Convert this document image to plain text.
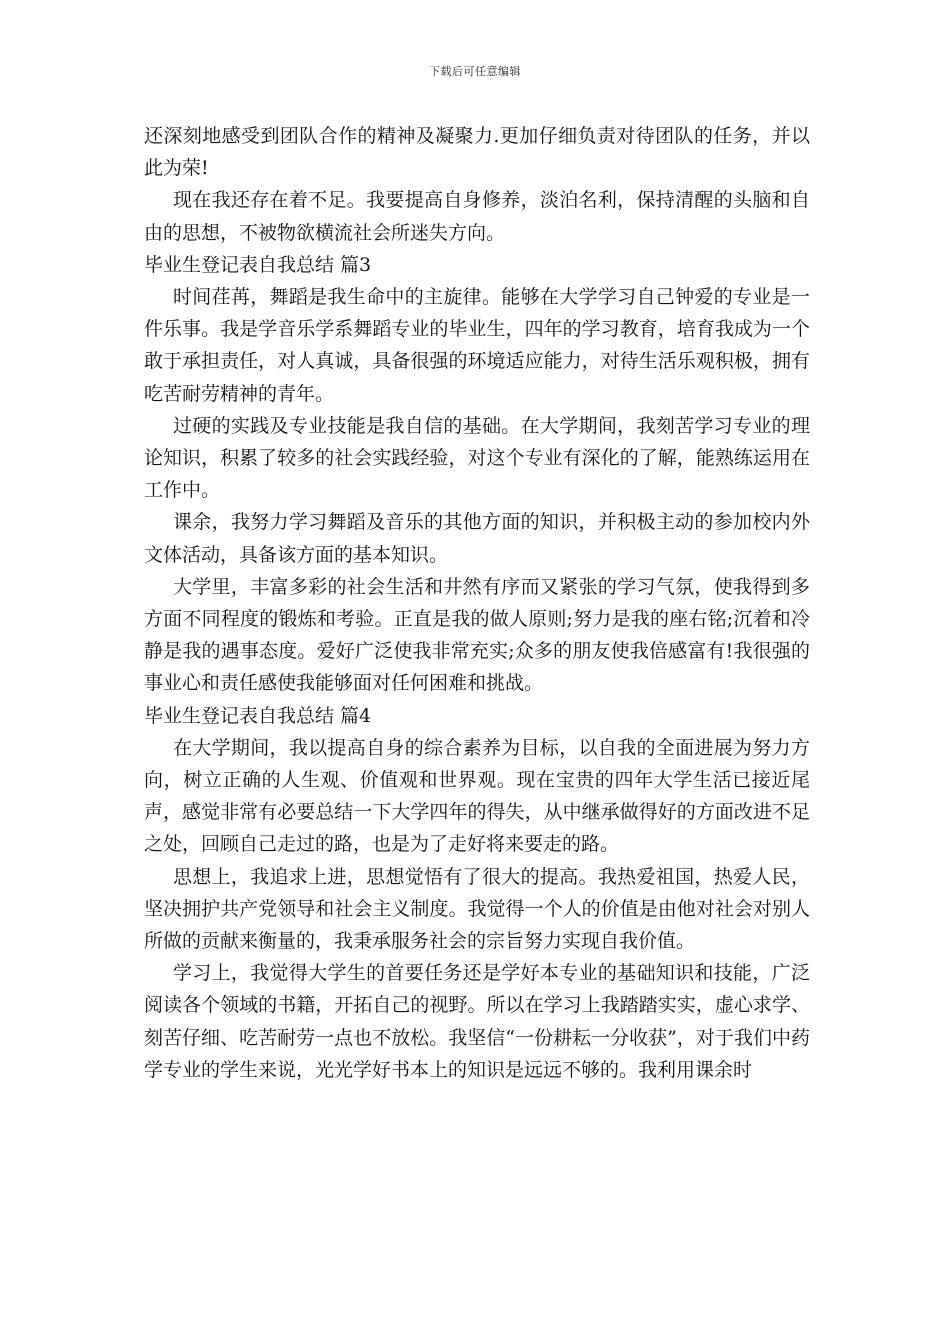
下载后可任意编辑

还深刻地感受到团队合作的精神及凝聚力.更加仔细负责对待团队的任务，并以此为荣!

现在我还存在着不足。我要提高自身修养，淡泊名利，保持清醒的头脑和自由的思想，不被物欲横流社会所迷失方向。

毕业生登记表自我总结 篇3

时间荏苒，舞蹈是我生命中的主旋律。能够在大学学习自己钟爱的专业是一件乐事。我是学音乐学系舞蹈专业的毕业生，四年的学习教育，培育我成为一个敢于承担责任，对人真诚，具备很强的环境适应能力，对待生活乐观积极，拥有吃苦耐劳精神的青年。

过硬的实践及专业技能是我自信的基础。在大学期间，我刻苦学习专业的理论知识，积累了较多的社会实践经验，对这个专业有深化的了解，能熟练运用在工作中。

课余，我努力学习舞蹈及音乐的其他方面的知识，并积极主动的参加校内外文体活动，具备该方面的基本知识。

大学里，丰富多彩的社会生活和井然有序而又紧张的学习气氛，使我得到多方面不同程度的锻炼和考验。正直是我的做人原则;努力是我的座右铭;沉着和冷静是我的遇事态度。爱好广泛使我非常充实;众多的朋友使我倍感富有!我很强的事业心和责任感使我能够面对任何困难和挑战。

毕业生登记表自我总结 篇4

在大学期间，我以提高自身的综合素养为目标，以自我的全面进展为努力方向，树立正确的人生观、价值观和世界观。现在宝贵的四年大学生活已接近尾声，感觉非常有必要总结一下大学四年的得失，从中继承做得好的方面改进不足之处，回顾自己走过的路，也是为了走好将来要走的路。

思想上，我追求上进，思想觉悟有了很大的提高。我热爱祖国，热爱人民，坚决拥护共产党领导和社会主义制度。我觉得一个人的价值是由他对社会对别人所做的贡献来衡量的，我秉承服务社会的宗旨努力实现自我价值。

学习上，我觉得大学生的首要任务还是学好本专业的基础知识和技能，广泛阅读各个领域的书籍，开拓自己的视野。所以在学习上我踏踏实实，虚心求学、刻苦仔细、吃苦耐劳一点也不放松。我坚信“一份耕耘一分收获”，对于我们中药学专业的学生来说，光光学好书本上的知识是远远不够的。我利用课余时
